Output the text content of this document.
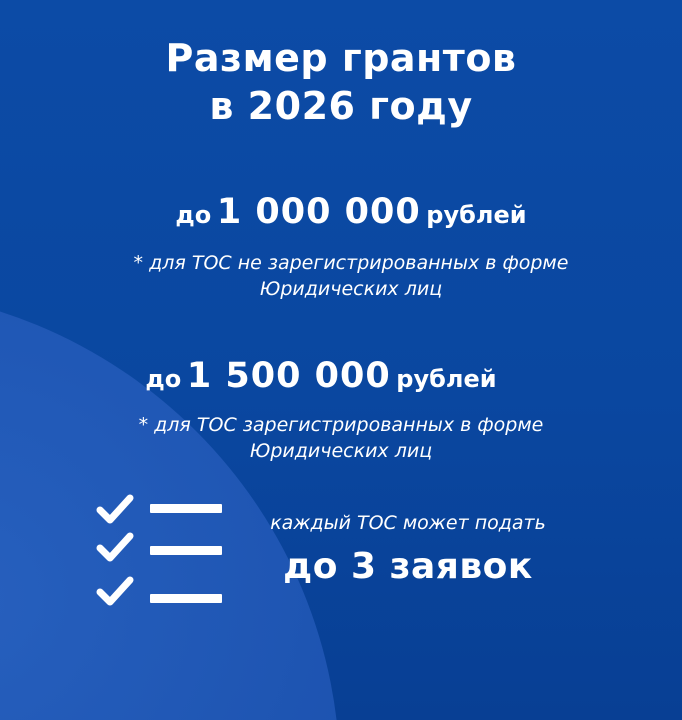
Размер грантов
в 2026 году
до 1 000 000 рублей
* для ТОС не зарегистрированных в форме
Юридических лиц
до 1 500 000 рублей
* для ТОС зарегистрированных в форме
Юридических лиц
каждый ТОС может подать
до 3 заявок
